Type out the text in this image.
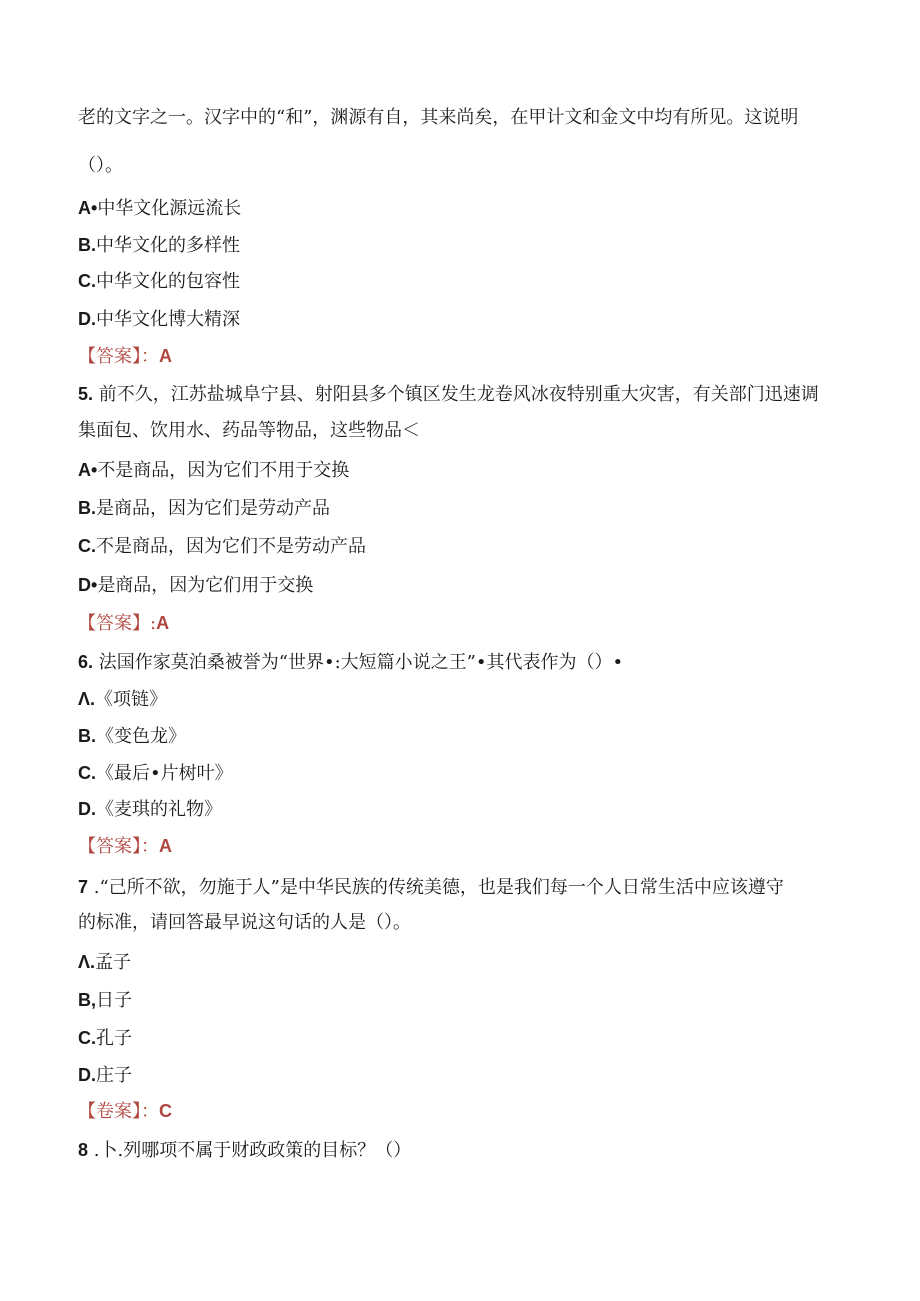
老的文字之一。汉字中的“和”，渊源有自，其来尚矣，在甲计文和金文中均有所见。这说明
（）。
A•中华文化源远流长
B.中华文化的多样性
C.中华文化的包容性
D.中华文化博大精深
【答案】：A
5. 前不久，江苏盐城阜宁县、射阳县多个镇区发生龙卷风冰夜特别重大灾害，有关部门迅速调
集面包、饮用水、药品等物品，这些物品＜
A•不是商品，因为它们不用于交换
B.是商品，因为它们是劳动产品
C.不是商品，因为它们不是劳动产品
D•是商品，因为它们用于交换
【答案】:A
6. 法国作家莫泊桑被誉为“世界•:大短篇小说之王”•其代表作为（）•
Λ.《项链》
B.《变色龙》
C.《最后•片树叶》
D.《麦琪的礼物》
【答案】：A
7 .“己所不欲，勿施于人”是中华民族的传统美德，也是我们每一个人日常生活中应该遵守
的标准，请回答最早说这句话的人是（）。
Λ.孟子
B,日子
C.孔子
D.庄子
【卷案】：C
8 .卜.列哪项不属于财政政策的目标？（）
